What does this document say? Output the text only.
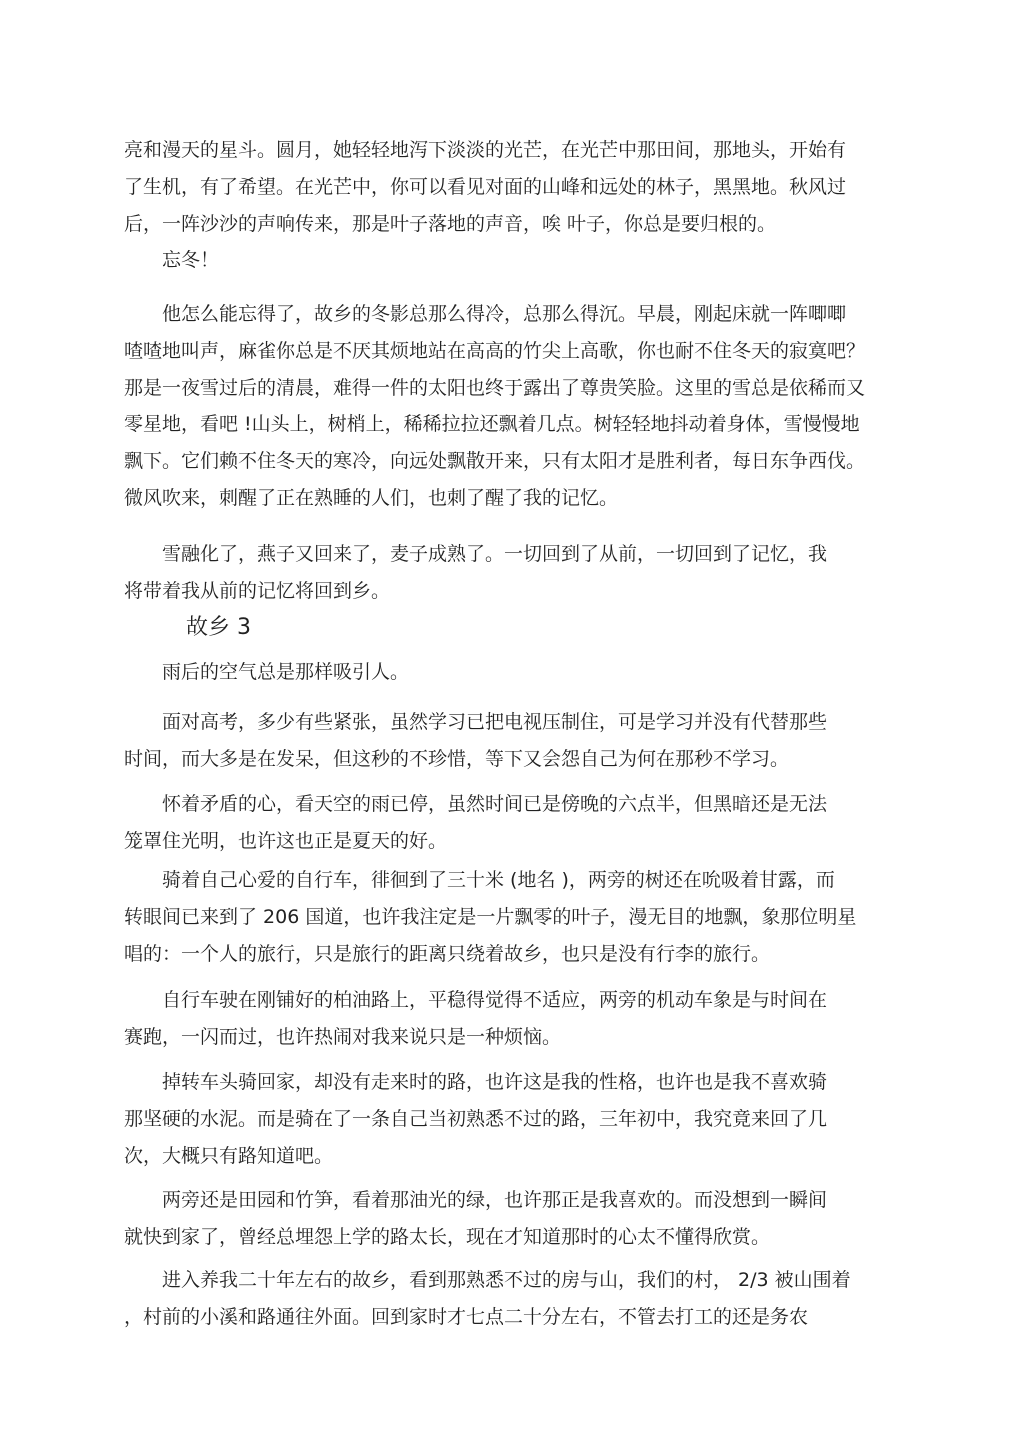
亮和漫天的星斗。圆月，她轻轻地泻下淡淡的光芒，在光芒中那田间，那地头，开始有
了生机，有了希望。在光芒中，你可以看见对面的山峰和远处的林子，黑黑地。秋风过
后，一阵沙沙的声响传来，那是叶子落地的声音，唉 叶子，你总是要归根的。

　　忘冬！

　　他怎么能忘得了，故乡的冬影总那么得冷，总那么得沉。早晨，刚起床就一阵唧唧
喳喳地叫声，麻雀你总是不厌其烦地站在高高的竹尖上高歌，你也耐不住冬天的寂寞吧？
那是一夜雪过后的清晨，难得一件的太阳也终于露出了尊贵笑脸。这里的雪总是依稀而又
零星地，看吧 !山头上，树梢上，稀稀拉拉还飘着几点。树轻轻地抖动着身体，雪慢慢地
飘下。它们赖不住冬天的寒冷，向远处飘散开来，只有太阳才是胜利者，每日东争西伐。
微风吹来，刺醒了正在熟睡的人们，也刺了醒了我的记忆。

　　雪融化了，燕子又回来了，麦子成熟了。一切回到了从前，一切回到了记忆，我
将带着我从前的记忆将回到乡。

故乡 3

　　雨后的空气总是那样吸引人。

　　面对高考，多少有些紧张，虽然学习已把电视压制住，可是学习并没有代替那些
时间，而大多是在发呆，但这秒的不珍惜，等下又会怨自己为何在那秒不学习。

　　怀着矛盾的心，看天空的雨已停，虽然时间已是傍晚的六点半，但黑暗还是无法
笼罩住光明，也许这也正是夏天的好。

　　骑着自己心爱的自行车，徘徊到了三十米 (地名 )，两旁的树还在吮吸着甘露，而
转眼间已来到了 206 国道，也许我注定是一片飘零的叶子，漫无目的地飘，象那位明星
唱的：一个人的旅行，只是旅行的距离只绕着故乡，也只是没有行李的旅行。

　　自行车驶在刚铺好的柏油路上，平稳得觉得不适应，两旁的机动车象是与时间在
赛跑，一闪而过，也许热闹对我来说只是一种烦恼。

　　掉转车头骑回家，却没有走来时的路，也许这是我的性格，也许也是我不喜欢骑
那坚硬的水泥。而是骑在了一条自己当初熟悉不过的路，三年初中，我究竟来回了几
次，大概只有路知道吧。

　　两旁还是田园和竹笋，看着那油光的绿，也许那正是我喜欢的。而没想到一瞬间
就快到家了，曾经总埋怨上学的路太长，现在才知道那时的心太不懂得欣赏。

　　进入养我二十年左右的故乡，看到那熟悉不过的房与山，我们的村， 2/3 被山围着
，村前的小溪和路通往外面。回到家时才七点二十分左右，不管去打工的还是务农
